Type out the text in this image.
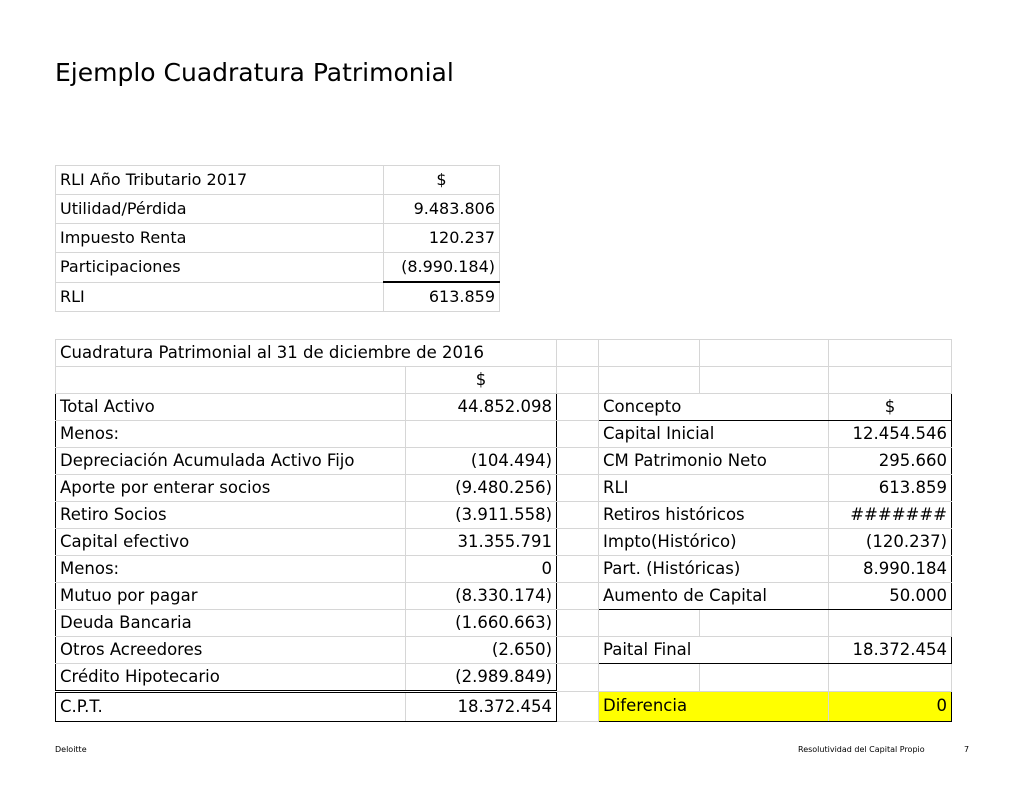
Ejemplo Cuadratura Patrimonial
RLI Año Tributario 2017	$
Utilidad/Pérdida	9.483.806
Impuesto Renta	120.237
Participaciones	(8.990.184)
RLI	613.859
Cuadratura Patrimonial al 31 de diciembre de 2016					
	$				
Total Activo	44.852.098		Concepto		$
Menos:			Capital Inicial		12.454.546
Depreciación Acumulada Activo Fijo	(104.494)		CM Patrimonio Neto		295.660
Aporte por enterar socios	(9.480.256)		RLI		613.859
Retiro Socios	(3.911.558)		Retiros históricos		#######
Capital efectivo	31.355.791		Impto(Histórico)		(120.237)
Menos:	0		Part. (Históricas)		8.990.184
Mutuo por pagar	(8.330.174)		Aumento de Capital		50.000
Deuda Bancaria	(1.660.663)				
Otros Acreedores	(2.650)		Paital Final		18.372.454
Crédito Hipotecario	(2.989.849)				
C.P.T.	18.372.454		Diferencia		0
Deloitte	Resolutividad del Capital Propio	7
